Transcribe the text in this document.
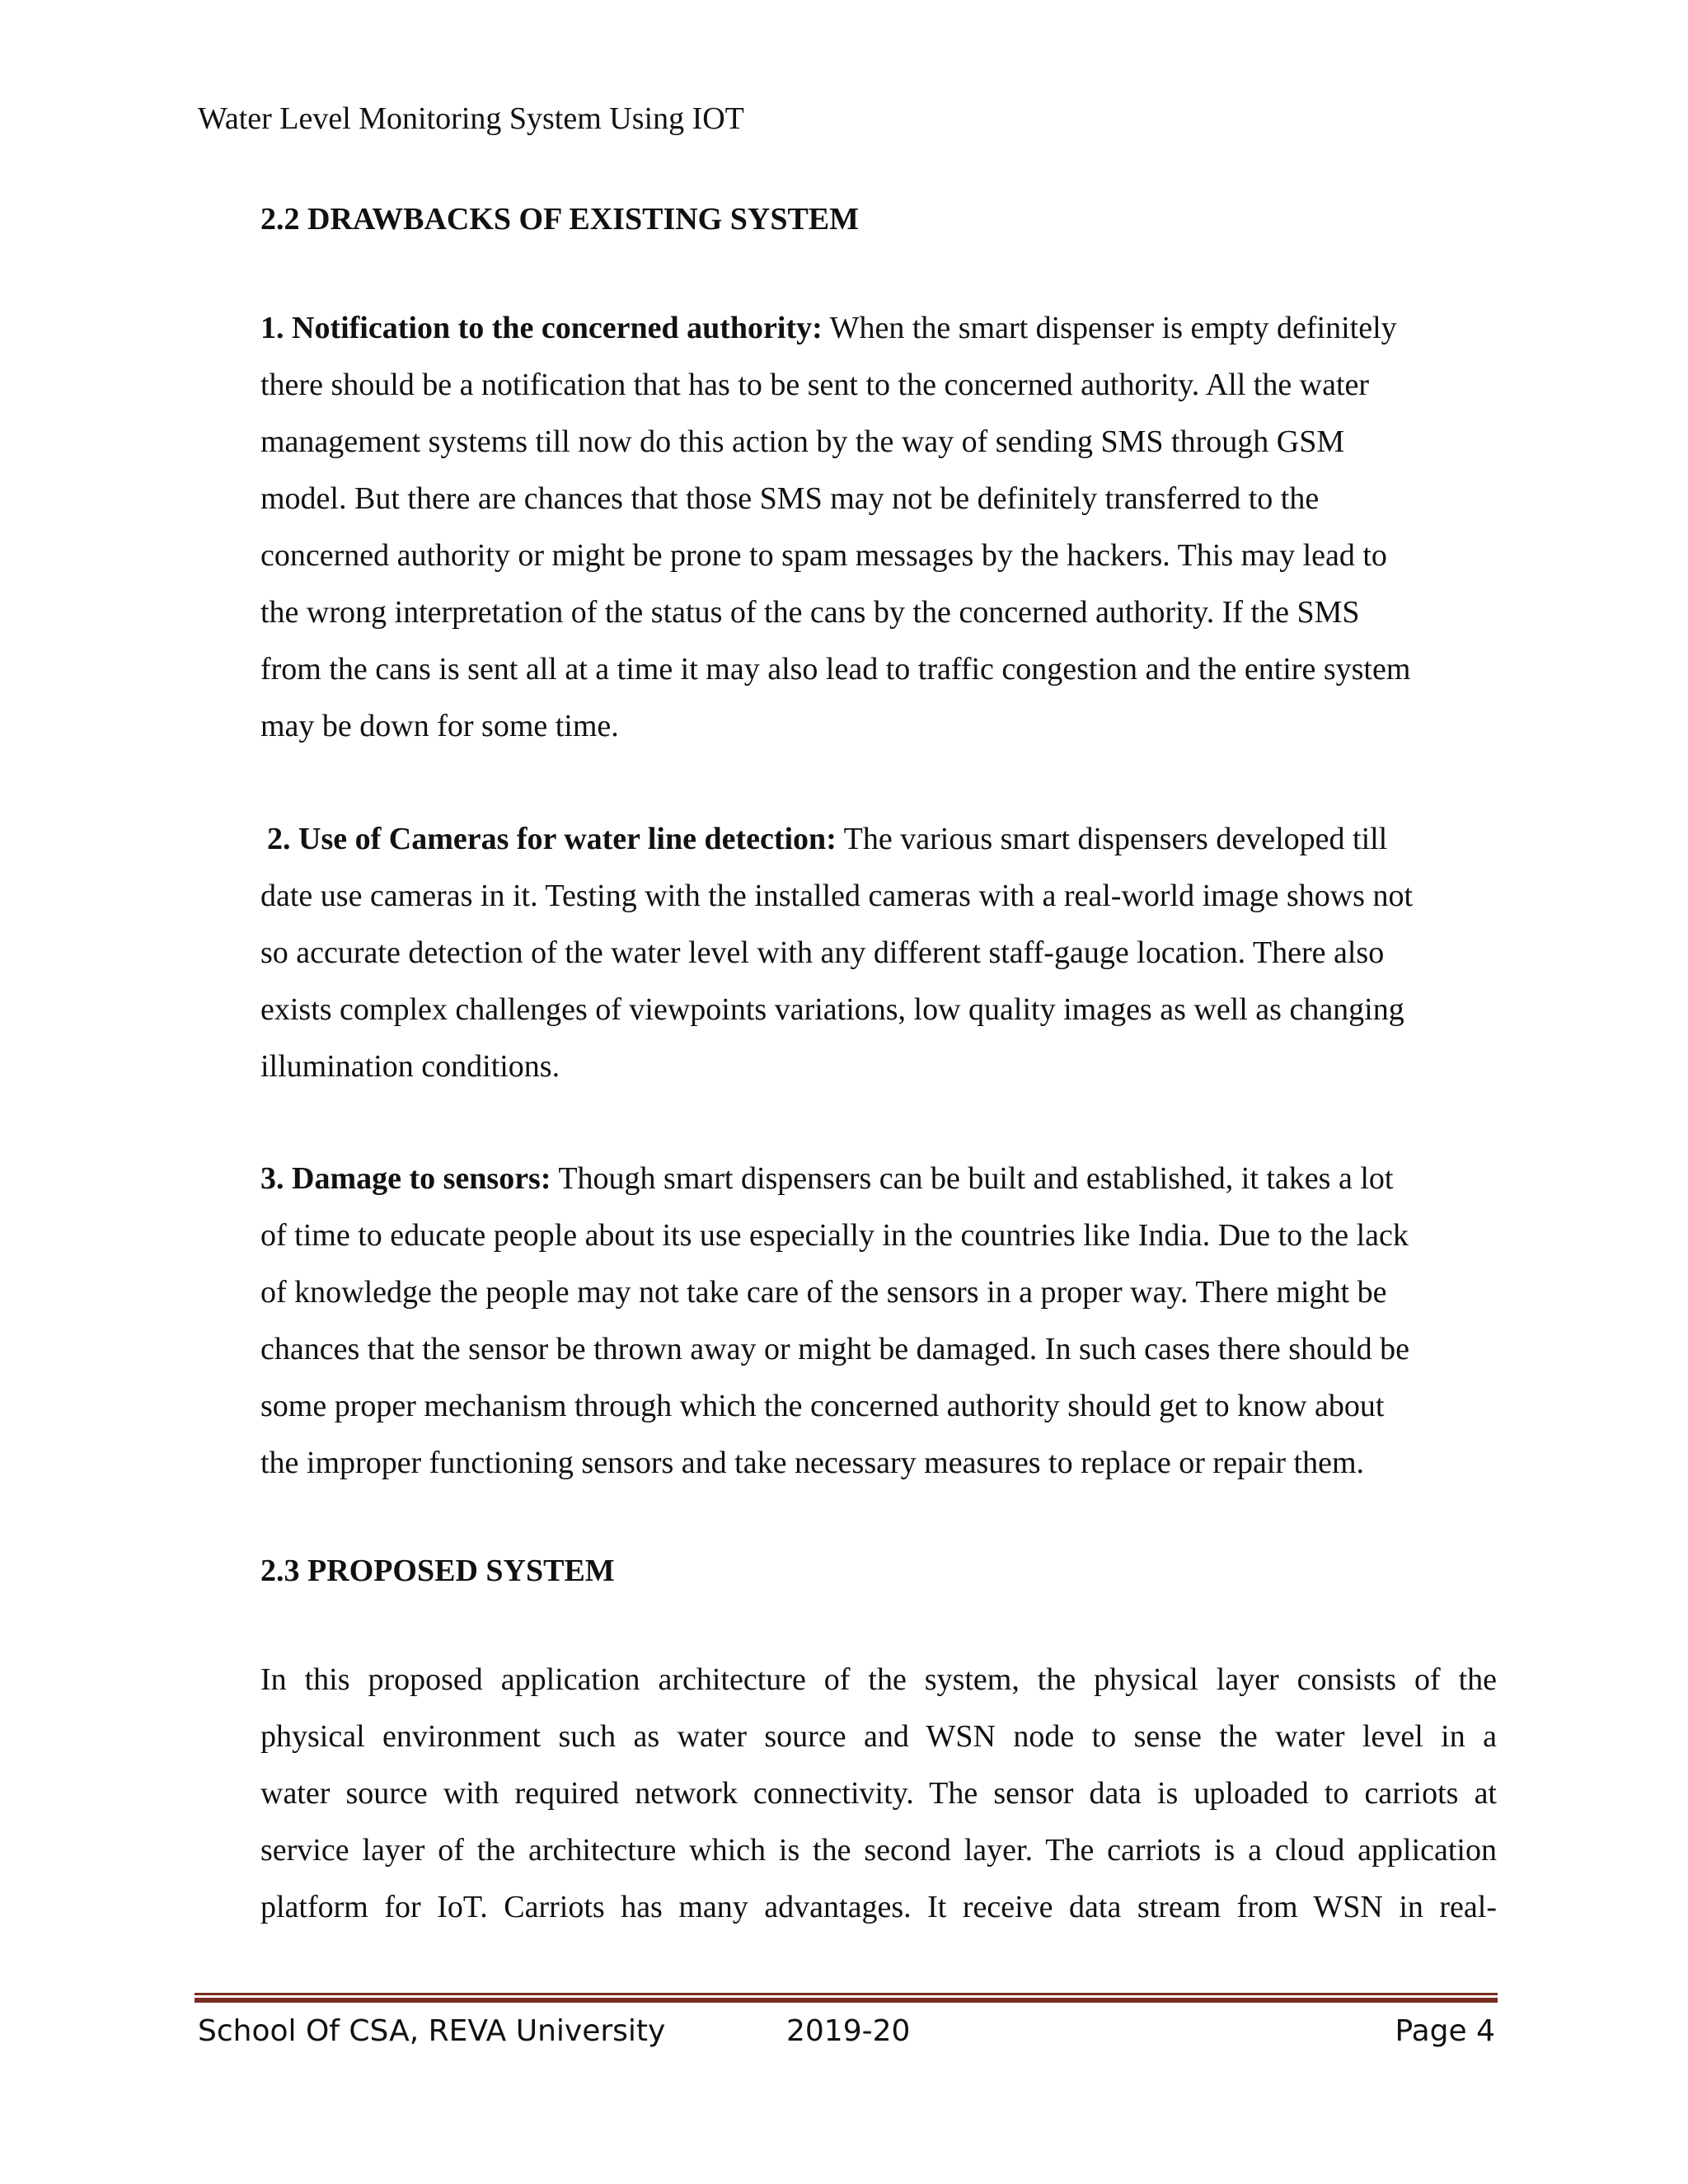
Water Level Monitoring System Using IOT
2.2 DRAWBACKS OF EXISTING SYSTEM
1. Notification to the concerned authority: When the smart dispenser is empty definitely
there should be a notification that has to be sent to the concerned authority. All the water
management systems till now do this action by the way of sending SMS through GSM
model. But there are chances that those SMS may not be definitely transferred to the
concerned authority or might be prone to spam messages by the hackers. This may lead to
the wrong interpretation of the status of the cans by the concerned authority. If the SMS
from the cans is sent all at a time it may also lead to traffic congestion and the entire system
may be down for some time.
2. Use of Cameras for water line detection: The various smart dispensers developed till
date use cameras in it. Testing with the installed cameras with a real-world image shows not
so accurate detection of the water level with any different staff-gauge location. There also
exists complex challenges of viewpoints variations, low quality images as well as changing
illumination conditions.
3. Damage to sensors: Though smart dispensers can be built and established, it takes a lot
of time to educate people about its use especially in the countries like India. Due to the lack
of knowledge the people may not take care of the sensors in a proper way. There might be
chances that the sensor be thrown away or might be damaged. In such cases there should be
some proper mechanism through which the concerned authority should get to know about
the improper functioning sensors and take necessary measures to replace or repair them.
2.3 PROPOSED SYSTEM
In this proposed application architecture of the system, the physical layer consists of the
physical environment such as water source and WSN node to sense the water level in a
water source with required network connectivity. The sensor data is uploaded to carriots at
service layer of the architecture which is the second layer. The carriots is a cloud application
platform for IoT. Carriots has many advantages. It receive data stream from WSN in real-
School Of CSA, REVA University	2019-20	Page 4
